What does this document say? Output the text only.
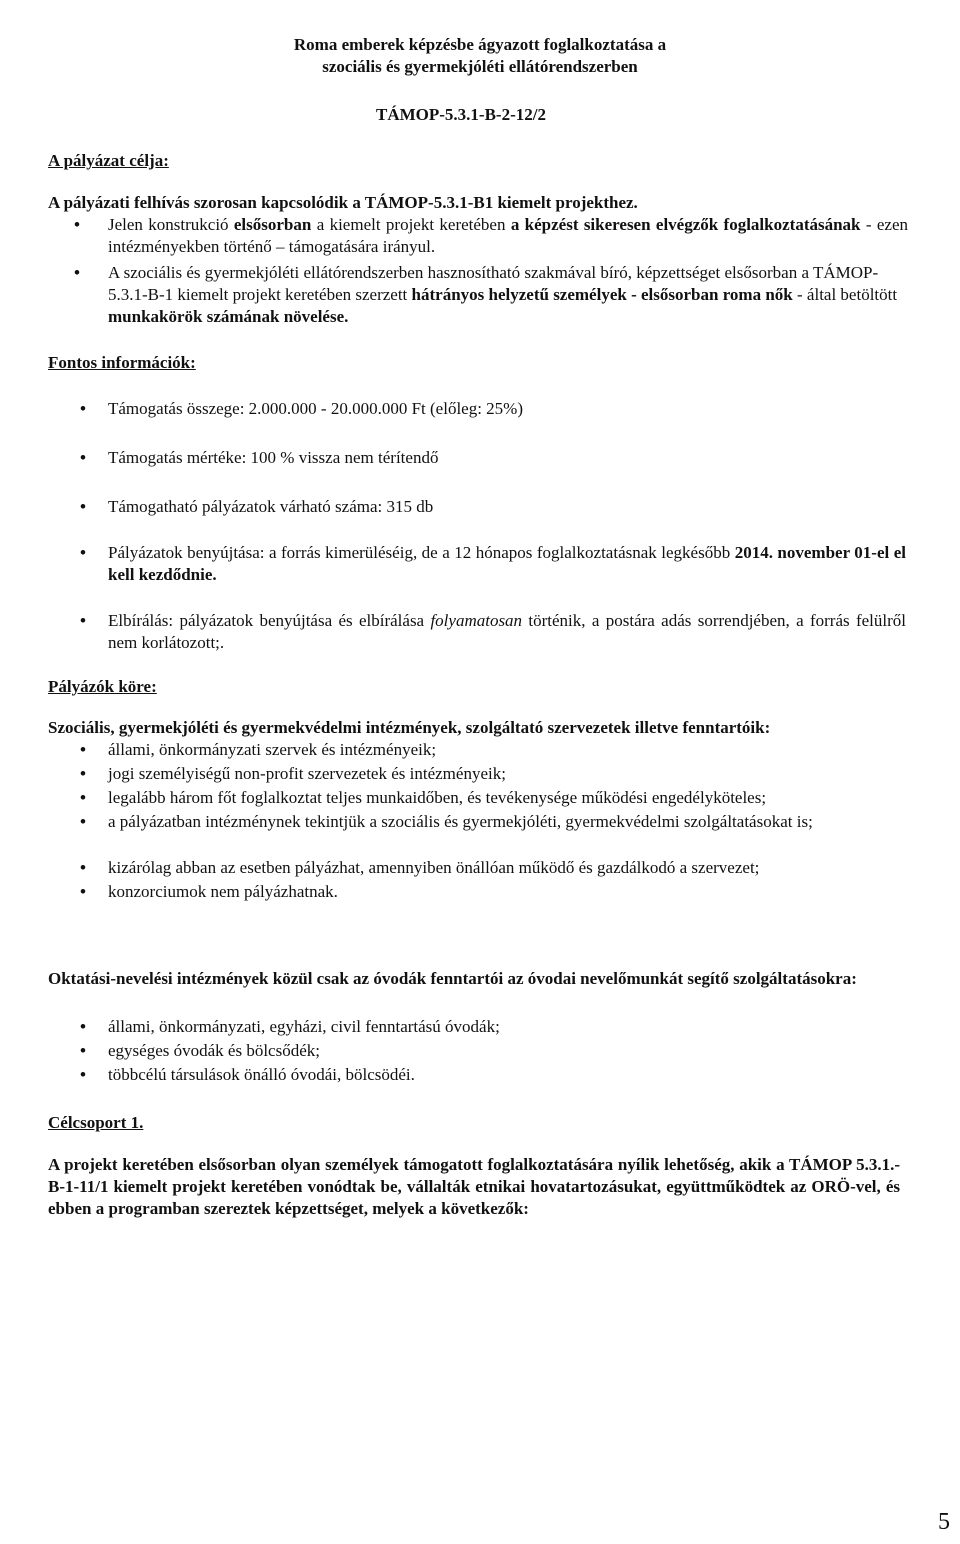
Roma emberek képzésbe ágyazott foglalkoztatása a
szociális és gyermekjóléti ellátórendszerben
TÁMOP-5.3.1-B-2-12/2
A pályázat célja:
A pályázati felhívás szorosan kapcsolódik a TÁMOP-5.3.1-B1 kiemelt projekthez.
• Jelen konstrukció elsősorban a kiemelt projekt keretében a képzést sikeresen elvégzők foglalkoztatásának - ezen intézményekben történő – támogatására irányul.
• A szociális és gyermekjóléti ellátórendszerben hasznosítható szakmával bíró, képzettséget elsősorban a TÁMOP-5.3.1-B-1 kiemelt projekt keretében szerzett hátrányos helyzetű személyek - elsősorban roma nők - által betöltött munkakörök számának növelése.
Fontos információk:
• Támogatás összege: 2.000.000 - 20.000.000 Ft (előleg: 25%)
• Támogatás mértéke: 100 % vissza nem térítendő
• Támogatható pályázatok várható száma: 315 db
• Pályázatok benyújtása: a forrás kimerüléséig, de a 12 hónapos foglalkoztatásnak legkésőbb 2014. november 01-el el kell kezdődnie.
• Elbírálás: pályázatok benyújtása és elbírálása folyamatosan történik, a postára adás sorrendjében, a forrás felülről nem korlátozott;.
Pályázók köre:
Szociális, gyermekjóléti és gyermekvédelmi intézmények, szolgáltató szervezetek illetve fenntartóik:
• állami, önkormányzati szervek és intézményeik;
• jogi személyiségű non-profit szervezetek és intézményeik;
• legalább három főt foglalkoztat teljes munkaidőben, és tevékenysége működési engedélyköteles;
• a pályázatban intézménynek tekintjük a szociális és gyermekjóléti, gyermekvédelmi szolgáltatásokat is;
• kizárólag abban az esetben pályázhat, amennyiben önállóan működő és gazdálkodó a szervezet;
• konzorciumok nem pályázhatnak.
Oktatási-nevelési intézmények közül csak az óvodák fenntartói az óvodai nevelőmunkát segítő szolgáltatásokra:
• állami, önkormányzati, egyházi, civil fenntartású óvodák;
• egységes óvodák és bölcsődék;
• többcélú társulások önálló óvodái, bölcsödéi.
Célcsoport 1.
A projekt keretében elsősorban olyan személyek támogatott foglalkoztatására nyílik lehetőség, akik a TÁMOP 5.3.1.-B-1-11/1 kiemelt projekt keretében vonódtak be, vállalták etnikai hovatartozásukat, együttműködtek az ORÖ-vel, és ebben a programban szereztek képzettséget, melyek a következők:
5
